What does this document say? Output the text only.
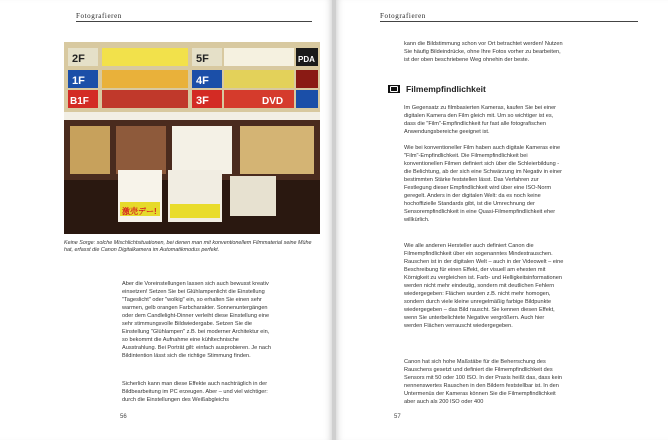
Fotografieren
2F
1F
B1F
5F
4F
3F
PDA
DVD
激売デー!
Keine Sorge: solche Mischlichtsituationen, bei denen man mit konventionellem Filmmaterial seine Mühe hat, erfasst die Canon Digitalkamera im Automatikmodus perfekt.
Aber die Voreinstellungen lassen sich auch bewusst kreativ einsetzen! Setzen Sie bei Glühlampenlicht die Einstellung "Tageslicht" oder "wolkig" ein, so erhalten Sie einen sehr warmen, gelb orangen Farbcharakter. Sonnenuntergängen oder dem Candlelight-Dinner verleiht diese Einstellung eine sehr stimmungsvolle Bildwiedergabe. Setzen Sie die Einstellung "Glühlampen" z.B. bei moderner Architektur ein, so bekommt die Aufnahme eine kühltechnische Ausstrahlung. Bei Porträt gilt: einfach ausprobieren. Je nach Bildintention lässt sich die richtige Stimmung finden.
Sicherlich kann man diese Effekte auch nachträglich in der Bildbearbeitung im PC erzeugen. Aber – und viel wichtiger: durch die Einstellungen des Weißabgleichs
56
Fotografieren
kann die Bildstimmung schon vor Ort betrachtet werden! Nutzen Sie häufig Bildeindrücke, ohne Ihre Fotos vorher zu bearbeiten, ist der oben beschriebene Weg ohnehin der beste.
Filmempfindlichkeit
Im Gegensatz zu filmbasierten Kameras, kaufen Sie bei einer digitalen Kamera den Film gleich mit. Um so wichtiger ist es, dass die "Film"-Empfindlichkeit fur fast alle fotografischen Anwendungsbereiche geeignet ist.
Wie bei konventioneller Film haben auch digitale Kameras eine "Film"-Empfindlichkeit. Die Filmempfindlichkeit bei konventionellen Filmen definiert sich über die Schleierbildung - die Belichtung, ab der sich eine Schwärzung im Negativ in einer bestimmten Stärke feststellen lässt. Das Verfahren zur Festlegung dieser Empfindlichkeit wird über eine ISO-Norm geregelt. Anders in der digitalen Welt: da es noch keine hochoffizielle Standards gibt, ist die Umrechnung der Sensorempfindlichkeit in eine Quasi-Filmempfindlichkeit eher willkürlich.
Wie alle anderen Hersteller auch definiert Canon die Filmempfindlichkeit über ein sogenanntes Mindestrauschen. Rauschen ist in der digitalen Welt – auch in der Videowelt – eine Beschreibung für einen Effekt, der visuell am ehesten mit Körnigkeit zu vergleichen ist. Farb- und Helligkeitsinformationen werden nicht mehr eindeutig, sondern mit deutlichen Fehlern wiedergegeben: Flächen wurden z.B. nicht mehr homogen, sondern durch viele kleine unregelmäßig farbige Bildpunkte wiedergegeben – das Bild rauscht. Sie kennen diesen Effekt, wenn Sie unterbelichtete Negative vergrößern. Auch hier werden Flächen verrauscht wiedergegeben.
Canon hat sich hohe Maßstäbe für die Beherrschung des Rauschens gesetzt und definiert die Filmempfindlichkeit des Sensors mit 50 oder 100 ISO. In der Praxis heißt das, dass kein nennenswertes Rauschen in den Bildern feststellbar ist. In den Untermenüs der Kameras können Sie die Filmempfindlichkeit aber auch als 200 ISO oder 400
57
